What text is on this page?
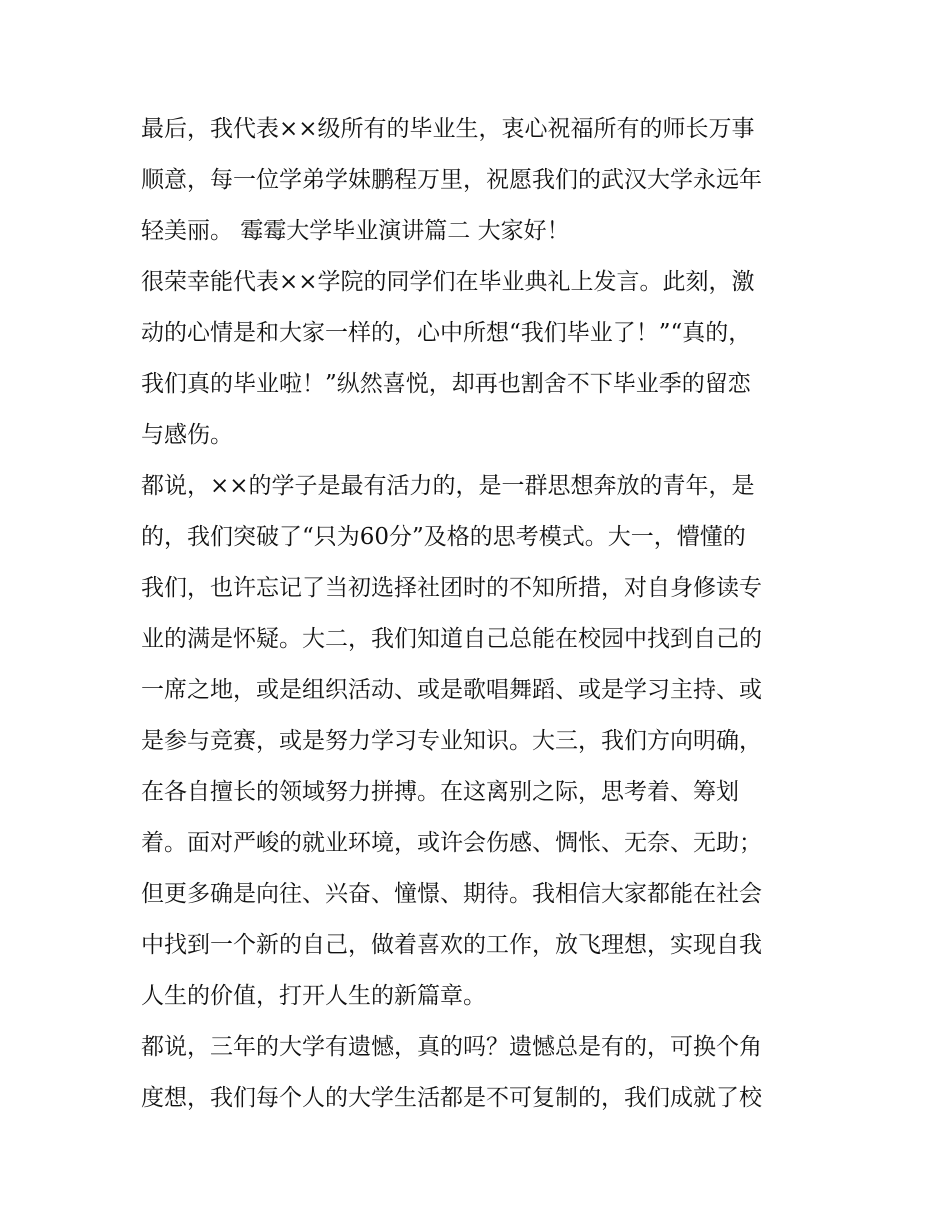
最后，我代表××级所有的毕业生，衷心祝福所有的师长万事
顺意，每一位学弟学妹鹏程万里，祝愿我们的武汉大学永远年
轻美丽。 霉霉大学毕业演讲篇二 大家好！
很荣幸能代表××学院的同学们在毕业典礼上发言。此刻，激
动的心情是和大家一样的，心中所想“我们毕业了！”“真的，
我们真的毕业啦！”纵然喜悦，却再也割舍不下毕业季的留恋
与感伤。
都说，××的学子是最有活力的，是一群思想奔放的青年，是
的，我们突破了“只为60分”及格的思考模式。大一，懵懂的
我们，也许忘记了当初选择社团时的不知所措，对自身修读专
业的满是怀疑。大二，我们知道自己总能在校园中找到自己的
一席之地，或是组织活动、或是歌唱舞蹈、或是学习主持、或
是参与竞赛，或是努力学习专业知识。大三，我们方向明确，
在各自擅长的领域努力拼搏。在这离别之际，思考着、筹划
着。面对严峻的就业环境，或许会伤感、惆怅、无奈、无助；
但更多确是向往、兴奋、憧憬、期待。我相信大家都能在社会
中找到一个新的自己，做着喜欢的工作，放飞理想，实现自我
人生的价值，打开人生的新篇章。
都说，三年的大学有遗憾，真的吗？遗憾总是有的，可换个角
度想，我们每个人的大学生活都是不可复制的，我们成就了校
